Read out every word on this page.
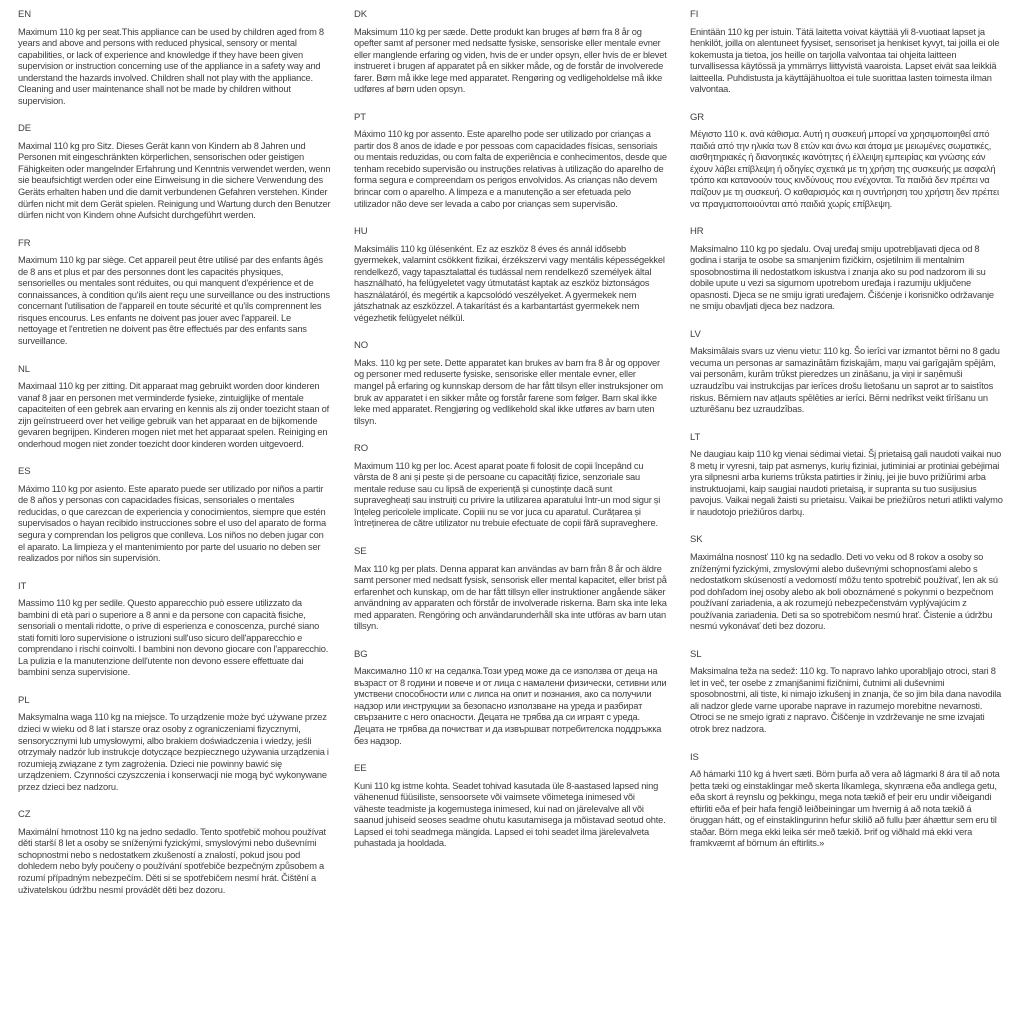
EN

Maximum 110 kg per seat.This appliance can be used by children aged from 8 years and above and persons with reduced physical, sensory or mental capabilities, or lack of experience and knowledge if they have been given supervision or instruction concerning use of the appliance in a safety way and understand the hazards involved. Children shall not play with the appliance. Cleaning and user maintenance shall not be made by children without supervision.

DE

Maximal 110 kg pro Sitz. Dieses Gerät kann von Kindern ab 8 Jahren und Personen mit eingeschränkten körperlichen, sensorischen oder geistigen Fähigkeiten oder mangelnder Erfahrung und Kenntnis verwendet werden, wenn sie beaufsichtigt werden oder eine Einweisung in die sichere Verwendung des Geräts erhalten haben und die damit verbundenen Gefahren verstehen. Kinder dürfen nicht mit dem Gerät spielen. Reinigung und Wartung durch den Benutzer dürfen nicht von Kindern ohne Aufsicht durchgeführt werden.

FR

Maximum 110 kg par siège. Cet appareil peut être utilisé par des enfants âgés de 8 ans et plus et par des personnes dont les capacités physiques, sensorielles ou mentales sont réduites, ou qui manquent d'expérience et de connaissances, à condition qu'ils aient reçu une surveillance ou des instructions concernant l'utilisation de l'appareil en toute sécurité et qu'ils comprennent les risques encourus. Les enfants ne doivent pas jouer avec l'appareil. Le nettoyage et l'entretien ne doivent pas être effectués par des enfants sans surveillance.

NL

Maximaal 110 kg per zitting. Dit apparaat mag gebruikt worden door kinderen vanaf 8 jaar en personen met verminderde fysieke, zintuiglijke of mentale capaciteiten of een gebrek aan ervaring en kennis als zij onder toezicht staan of zijn geïnstrueerd over het veilige gebruik van het apparaat en de bijkomende gevaren begrijpen. Kinderen mogen niet met het apparaat spelen. Reiniging en onderhoud mogen niet zonder toezicht door kinderen worden uitgevoerd.

ES

Máximo 110 kg por asiento. Este aparato puede ser utilizado por niños a partir de 8 años y personas con capacidades físicas, sensoriales o mentales reducidas, o que carezcan de experiencia y conocimientos, siempre que estén supervisados o hayan recibido instrucciones sobre el uso del aparato de forma segura y comprendan los peligros que conlleva. Los niños no deben jugar con el aparato. La limpieza y el mantenimiento por parte del usuario no deben ser realizados por niños sin supervisión.

IT

Massimo 110 kg per sedile. Questo apparecchio può essere utilizzato da bambini di età pari o superiore a 8 anni e da persone con capacità fisiche, sensoriali o mentali ridotte, o prive di esperienza e conoscenza, purché siano stati forniti loro supervisione o istruzioni sull'uso sicuro dell'apparecchio e comprendano i rischi coinvolti. I bambini non devono giocare con l'apparecchio. La pulizia e la manutenzione dell'utente non devono essere effettuate dai bambini senza supervisione.

PL

Maksymalna waga 110 kg na miejsce. To urządzenie może być używane przez dzieci w wieku od 8 lat i starsze oraz osoby z ograniczeniami fizycznymi, sensorycznymi lub umysłowymi, albo brakiem doświadczenia i wiedzy, jeśli otrzymały nadzór lub instrukcje dotyczące bezpiecznego używania urządzenia i rozumieją związane z tym zagrożenia. Dzieci nie powinny bawić się urządzeniem. Czynności czyszczenia i konserwacji nie mogą być wykonywane przez dzieci bez nadzoru.

CZ

Maximální hmotnost 110 kg na jedno sedadlo. Tento spotřebič mohou používat děti starší 8 let a osoby se sníženými fyzickými, smyslovými nebo duševními schopnostmi nebo s nedostatkem zkušeností a znalostí, pokud jsou pod dohledem nebo byly poučeny o používání spotřebiče bezpečným způsobem a rozumí případným nebezpečím. Děti si se spotřebičem nesmí hrát. Čištění a uživatelskou údržbu nesmí provádět děti bez dozoru.

DK

Maksimum 110 kg per sæde. Dette produkt kan bruges af børn fra 8 år og opefter samt af personer med nedsatte fysiske, sensoriske eller mentale evner eller manglende erfaring og viden, hvis de er under opsyn, eller hvis de er blevet instrueret i brugen af apparatet på en sikker måde, og de forstår de involverede farer. Børn må ikke lege med apparatet. Rengøring og vedligeholdelse må ikke udføres af børn uden opsyn.

PT

Máximo 110 kg por assento. Este aparelho pode ser utilizado por crianças a partir dos 8 anos de idade e por pessoas com capacidades físicas, sensoriais ou mentais reduzidas, ou com falta de experiência e conhecimentos, desde que tenham recebido supervisão ou instruções relativas à utilização do aparelho de forma segura e compreendam os perigos envolvidos. As crianças não devem brincar com o aparelho. A limpeza e a manutenção a ser efetuada pelo utilizador não deve ser levada a cabo por crianças sem supervisão.

HU

Maksimális 110 kg ülésenként. Ez az eszköz 8 éves és annál idősebb gyermekek, valamint csökkent fizikai, érzékszervi vagy mentális képességekkel rendelkező, vagy tapasztalattal és tudással nem rendelkező személyek által használható, ha felügyeletet vagy útmutatást kaptak az eszköz biztonságos használatáról, és megértik a kapcsolódó veszélyeket. A gyermekek nem játszhatnak az eszközzel. A takarítást és a karbantartást gyermekek nem végezhetik felügyelet nélkül.

NO

Maks. 110 kg per sete. Dette apparatet kan brukes av barn fra 8 år og oppover og personer med reduserte fysiske, sensoriske eller mentale evner, eller mangel på erfaring og kunnskap dersom de har fått tilsyn eller instruksjoner om bruk av apparatet i en sikker måte og forstår farene som følger. Barn skal ikke leke med apparatet. Rengjøring og vedlikehold skal ikke utføres av barn uten tilsyn.

RO

Maximum 110 kg per loc. Acest aparat poate fi folosit de copii începând cu vârsta de 8 ani și peste și de persoane cu capacități fizice, senzoriale sau mentale reduse sau cu lipsă de experiență și cunoștințe dacă sunt supravegheați sau instruiți cu privire la utilizarea aparatului într-un mod sigur și înțeleg pericolele implicate. Copiii nu se vor juca cu aparatul. Curățarea și întreținerea de către utilizator nu trebuie efectuate de copii fără supraveghere.

SE

Max 110 kg per plats. Denna apparat kan användas av barn från 8 år och äldre samt personer med nedsatt fysisk, sensorisk eller mental kapacitet, eller brist på erfarenhet och kunskap, om de har fått tillsyn eller instruktioner angående säker användning av apparaten och förstår de involverade riskerna. Barn ska inte leka med apparaten. Rengöring och användarunderhåll ska inte utföras av barn utan tillsyn.

BG

Максимално 110 кг на седалка.Този уред може да се използва от деца на възраст от 8 години и повече и от лица с намалени физически, сетивни или умствени способности или с липса на опит и познания, ако са получили надзор или инструкции за безопасно използване на уреда и разбират свързаните с него опасности. Децата не трябва да си играят с уреда. Децата не трябва да почистват и да извършват потребителска поддръжка без надзор.

EE

Kuni 110 kg istme kohta. Seadet tohivad kasutada üle 8-aastased lapsed ning vähenenud füüsiliste, sensoorsete või vaimsete võimetega inimesed või väheste teadmiste ja kogemustega inimesed, kui nad on järelevalve all või saanud juhiseid seoses seadme ohutu kasutamisega ja mõistavad seotud ohte. Lapsed ei tohi seadmega mängida. Lapsed ei tohi seadet ilma järelevalveta puhastada ja hooldada.

FI

Enintään 110 kg per istuin. Tätä laitetta voivat käyttää yli 8-vuotiaat lapset ja henkilöt, joilla on alentuneet fyysiset, sensoriset ja henkiset kyvyt, tai joilla ei ole kokemusta ja tietoa, jos heille on tarjolla valvontaa tai ohjeita laitteen turvallisessa käytössä ja ymmärrys liittyvistä vaaroista. Lapset eivät saa leikkiä laitteella. Puhdistusta ja käyttäjähuoltoa ei tule suorittaa lasten toimesta ilman valvontaa.

GR

Μέγιστο 110 κ. ανά κάθισμα. Αυτή η συσκευή μπορεί να χρησιμοποιηθεί από παιδιά από την ηλικία των 8 ετών και άνω και άτομα με μειωμένες σωματικές, αισθητηριακές ή διανοητικές ικανότητες ή έλλειψη εμπειρίας και γνώσης εάν έχουν λάβει επίβλεψη ή οδηγίες σχετικά με τη χρήση της συσκευής με ασφαλή τρόπο και κατανοούν τους κινδύνους που ενέχονται. Τα παιδιά δεν πρέπει να παίζουν με τη συσκευή. Ο καθαρισμός και η συντήρηση του χρήστη δεν πρέπει να πραγματοποιούνται από παιδιά χωρίς επίβλεψη.

HR

Maksimalno 110 kg po sjedalu. Ovaj uređaj smiju upotrebljavati djeca od 8 godina i starija te osobe sa smanjenim fizičkim, osjetilnim ili mentalnim sposobnostima ili nedostatkom iskustva i znanja ako su pod nadzorom ili su dobile upute u vezi sa sigurnom upotrebom uređaja i razumiju uključene opasnosti. Djeca se ne smiju igrati uređajem. Čišćenje i korisničko održavanje ne smiju obavljati djeca bez nadzora.

LV

Maksimālais svars uz vienu vietu: 110 kg. Šo ierīci var izmantot bērni no 8 gadu vecuma un personas ar samazinātām fiziskajām, maņu vai garīgajām spējām, vai personām, kurām trūkst pieredzes un zināšanu, ja viņi ir saņēmuši uzraudzību vai instrukcijas par ierīces drošu lietošanu un saprot ar to saistītos riskus. Bērniem nav atļauts spēlēties ar ierīci. Bērni nedrīkst veikt tīrīšanu un uzturēšanu bez uzraudzības.

LT

Ne daugiau kaip 110 kg vienai sėdimai vietai. Šį prietaisą gali naudoti vaikai nuo 8 metų ir vyresni, taip pat asmenys, kurių fiziniai, jutiminiai ar protiniai gebėjimai yra silpnesni arba kuriems trūksta patirties ir žinių, jei jie buvo prižiūrimi arba instruktuojami, kaip saugiai naudoti prietaisą, ir supranta su tuo susijusius pavojus. Vaikai negali žaisti su prietaisu. Vaikai be priežiūros neturi atlikti valymo ir naudotojo priežiūros darbų.

SK

Maximálna nosnosť 110 kg na sedadlo. Deti vo veku od 8 rokov a osoby so zníženými fyzickými, zmyslovými alebo duševnými schopnosťami alebo s nedostatkom skúseností a vedomostí môžu tento spotrebič používať, len ak sú pod dohľadom inej osoby alebo ak boli oboznámené s pokynmi o bezpečnom používaní zariadenia, a ak rozumejú nebezpečenstvám vyplývajúcim z používania zariadenia. Deti sa so spotrebičom nesmú hrať. Čistenie a údržbu nesmú vykonávať deti bez dozoru.

SL

Maksimalna teža na sedež: 110 kg. To napravo lahko uporabljajo otroci, stari 8 let in več, ter osebe z zmanjšanimi fizičnimi, čutnimi ali duševnimi sposobnostmi, ali tiste, ki nimajo izkušenj in znanja, če so jim bila dana navodila ali nadzor glede varne uporabe naprave in razumejo morebitne nevarnosti. Otroci se ne smejo igrati z napravo. Čiščenje in vzdrževanje ne sme izvajati otrok brez nadzora.

IS

Að hámarki 110 kg á hvert sæti. Börn þurfa að vera að lágmarki 8 ára til að nota þetta tæki og einstaklingar með skerta líkamlega, skynræna eða andlega getu, eða skort á reynslu og þekkingu, mega nota tækið ef þeir eru undir viðeigandi eftirliti eða ef þeir hafa fengið leiðbeiningar um hvernig á að nota tækið á öruggan hátt, og ef einstaklingurinn hefur skilið að fullu þær áhættur sem eru til staðar. Börn mega ekki leika sér með tækið. Þrif og viðhald má ekki vera framkvæmt af börnum án eftirlits.»
